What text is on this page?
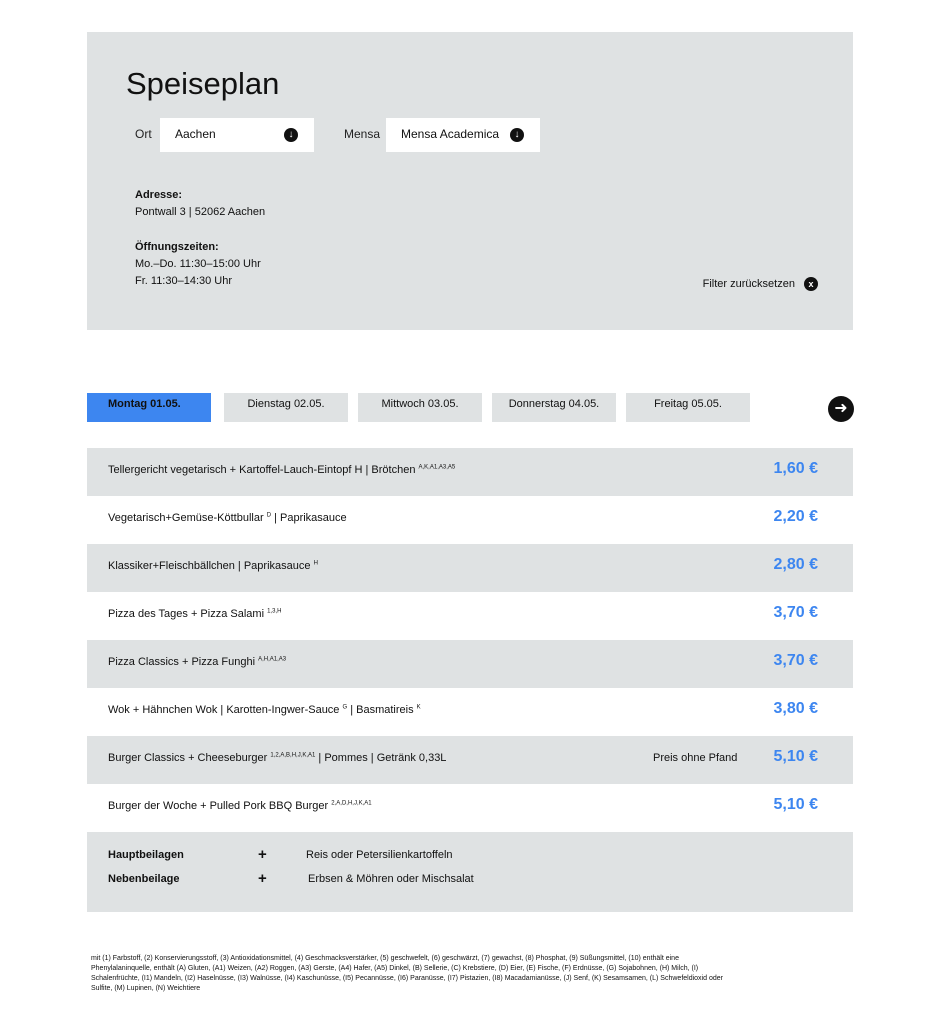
Speiseplan
Ort	Aachen	↓	Mensa	Mensa Academica	↓
Adresse:
Pontwall 3 | 52062 Aachen
Öffnungszeiten:
Mo.–Do. 11:30–15:00 Uhr
Fr. 11:30–14:30 Uhr	Filter zurücksetzen x
Montag 01.05.	Dienstag 02.05.	Mittwoch 03.05.	Donnerstag 04.05.	Freitag 05.05.	➜
Tellergericht vegetarisch + Kartoffel-Lauch-Eintopf H | Brötchen $^{A,K,A1,A3,A5}$	1,60 €
Vegetarisch+Gemüse-Köttbullar $^D$ | Paprikasauce	2,20 €
Klassiker+Fleischbällchen | Paprikasauce $^H$	2,80 €
Pizza des Tages + Pizza Salami $^{1,3,H}$	3,70 €
Pizza Classics + Pizza Funghi $^{A,H,A1,A3}$	3,70 €
Wok + Hähnchen Wok | Karotten-Ingwer-Sauce $^G$ | Basmatireis $^K$	3,80 €
Burger Classics + Cheeseburger $^{1,2,A,B,H,J,K,A1}$ | Pommes | Getränk 0,33L	Preis ohne Pfand 5,10 €
Burger der Woche + Pulled Pork BBQ Burger $^{2,A,D,H,J,K,A1}$	5,10 €
Hauptbeilagen	+	Reis oder Petersilienkartoffeln
Nebenbeilage	+	Erbsen & Möhren oder Mischsalat
mit (1) Farbstoff, (2) Konservierungsstoff, (3) Antioxidationsmittel, (4) Geschmacksverstärker, (5) geschwefelt, (6) geschwärzt, (7) gewachst, (8) Phosphat, (9) Süßungsmittel, (10) enthält eine Phenylalaninquelle, enthält (A) Gluten, (A1) Weizen, (A2) Roggen, (A3) Gerste, (A4) Hafer, (A5) Dinkel, (B) Sellerie, (C) Krebstiere, (D) Eier, (E) Fische, (F) Erdnüsse, (G) Sojabohnen, (H) Milch, (I) Schalenfrüchte, (I1) Mandeln, (I2) Haselnüsse, (I3) Walnüsse, (I4) Kaschunüsse, (I5) Pecannüsse, (I6) Paranüsse, (I7) Pistazien, (I8) Macadamianüsse, (J) Senf, (K) Sesamsamen, (L) Schwefeldioxid oder Sulfite, (M) Lupinen, (N) Weichtiere
